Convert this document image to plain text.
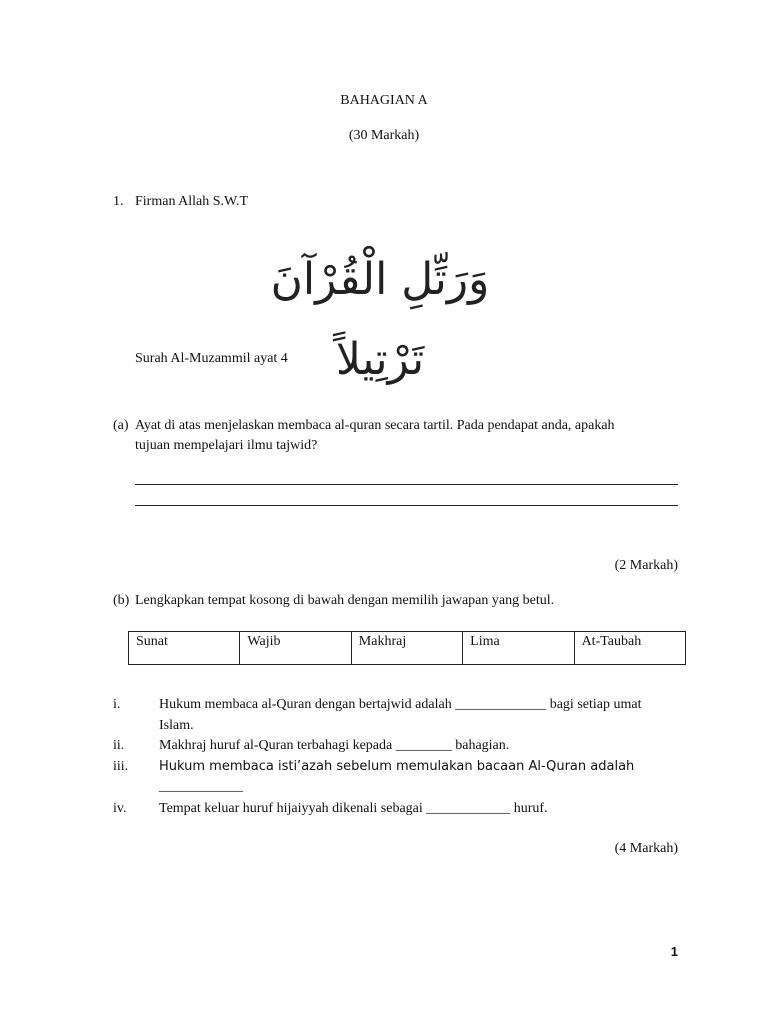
BAHAGIAN A
(30 Markah)
1. Firman Allah S.W.T
وَرَتِّلِ الْقُرْآنَ تَرْتِيلاً
Surah Al-Muzammil ayat 4
(a) Ayat di atas menjelaskan membaca al-quran secara tartil. Pada pendapat anda, apakah
tujuan mempelajari ilmu tajwid?
(2 Markah)
(b) Lengkapkan tempat kosong di bawah dengan memilih jawapan yang betul.
Sunat	Wajib	Makhraj	Lima	At-Taubah
i.	Hukum membaca al-Quran dengan bertajwid adalah _____________ bagi setiap umat
Islam.
ii. Makhraj huruf al-Quran terbahagi kepada ________ bahagian.
iii. Hukum membaca isti’azah sebelum memulakan bacaan Al-Quran adalah
____________
iv. Tempat keluar huruf hijaiyyah dikenali sebagai ____________ huruf.
(4 Markah)
1
